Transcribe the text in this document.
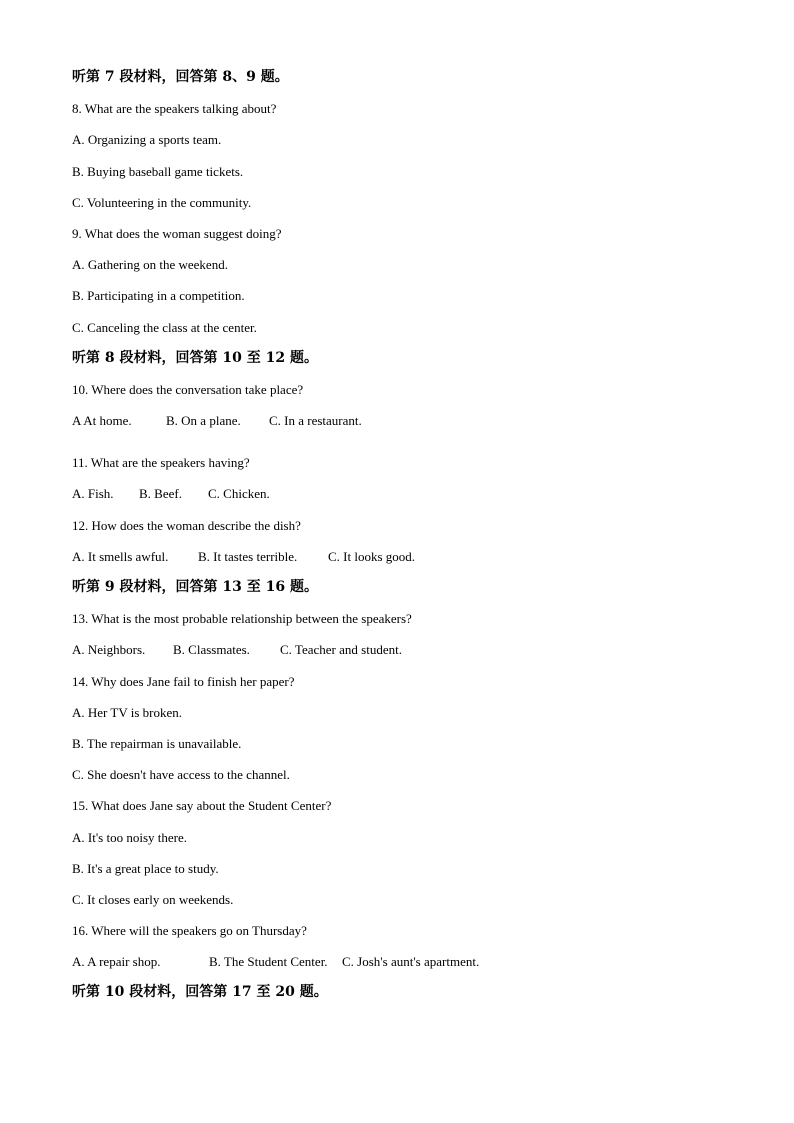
听第 7 段材料，回答第 8、9 题。
8. What are the speakers talking about?
A. Organizing a sports team.
B. Buying baseball game tickets.
C. Volunteering in the community.
9. What does the woman suggest doing?
A. Gathering on the weekend.
B. Participating in a competition.
C. Canceling the class at the center.
听第 8 段材料，回答第 10 至 12 题。
10. Where does the conversation take place?
A At home.	B. On a plane. C. In a restaurant.
11. What are the speakers having?
A. Fish. B. Beef. C. Chicken.
12. How does the woman describe the dish?
A. It smells awful. B. It tastes terrible. C. It looks good.
听第 9 段材料，回答第 13 至 16 题。
13. What is the most probable relationship between the speakers?
A. Neighbors. B. Classmates. C. Teacher and student.
14. Why does Jane fail to finish her paper?
A. Her TV is broken.
B. The repairman is unavailable.
C. She doesn't have access to the channel.
15. What does Jane say about the Student Center?
A. It's too noisy there.
B. It's a great place to study.
C. It closes early on weekends.
16. Where will the speakers go on Thursday?
A. A repair shop.	B. The Student Center. C. Josh's aunt's apartment.
听第 10 段材料，回答第 17 至 20 题。
